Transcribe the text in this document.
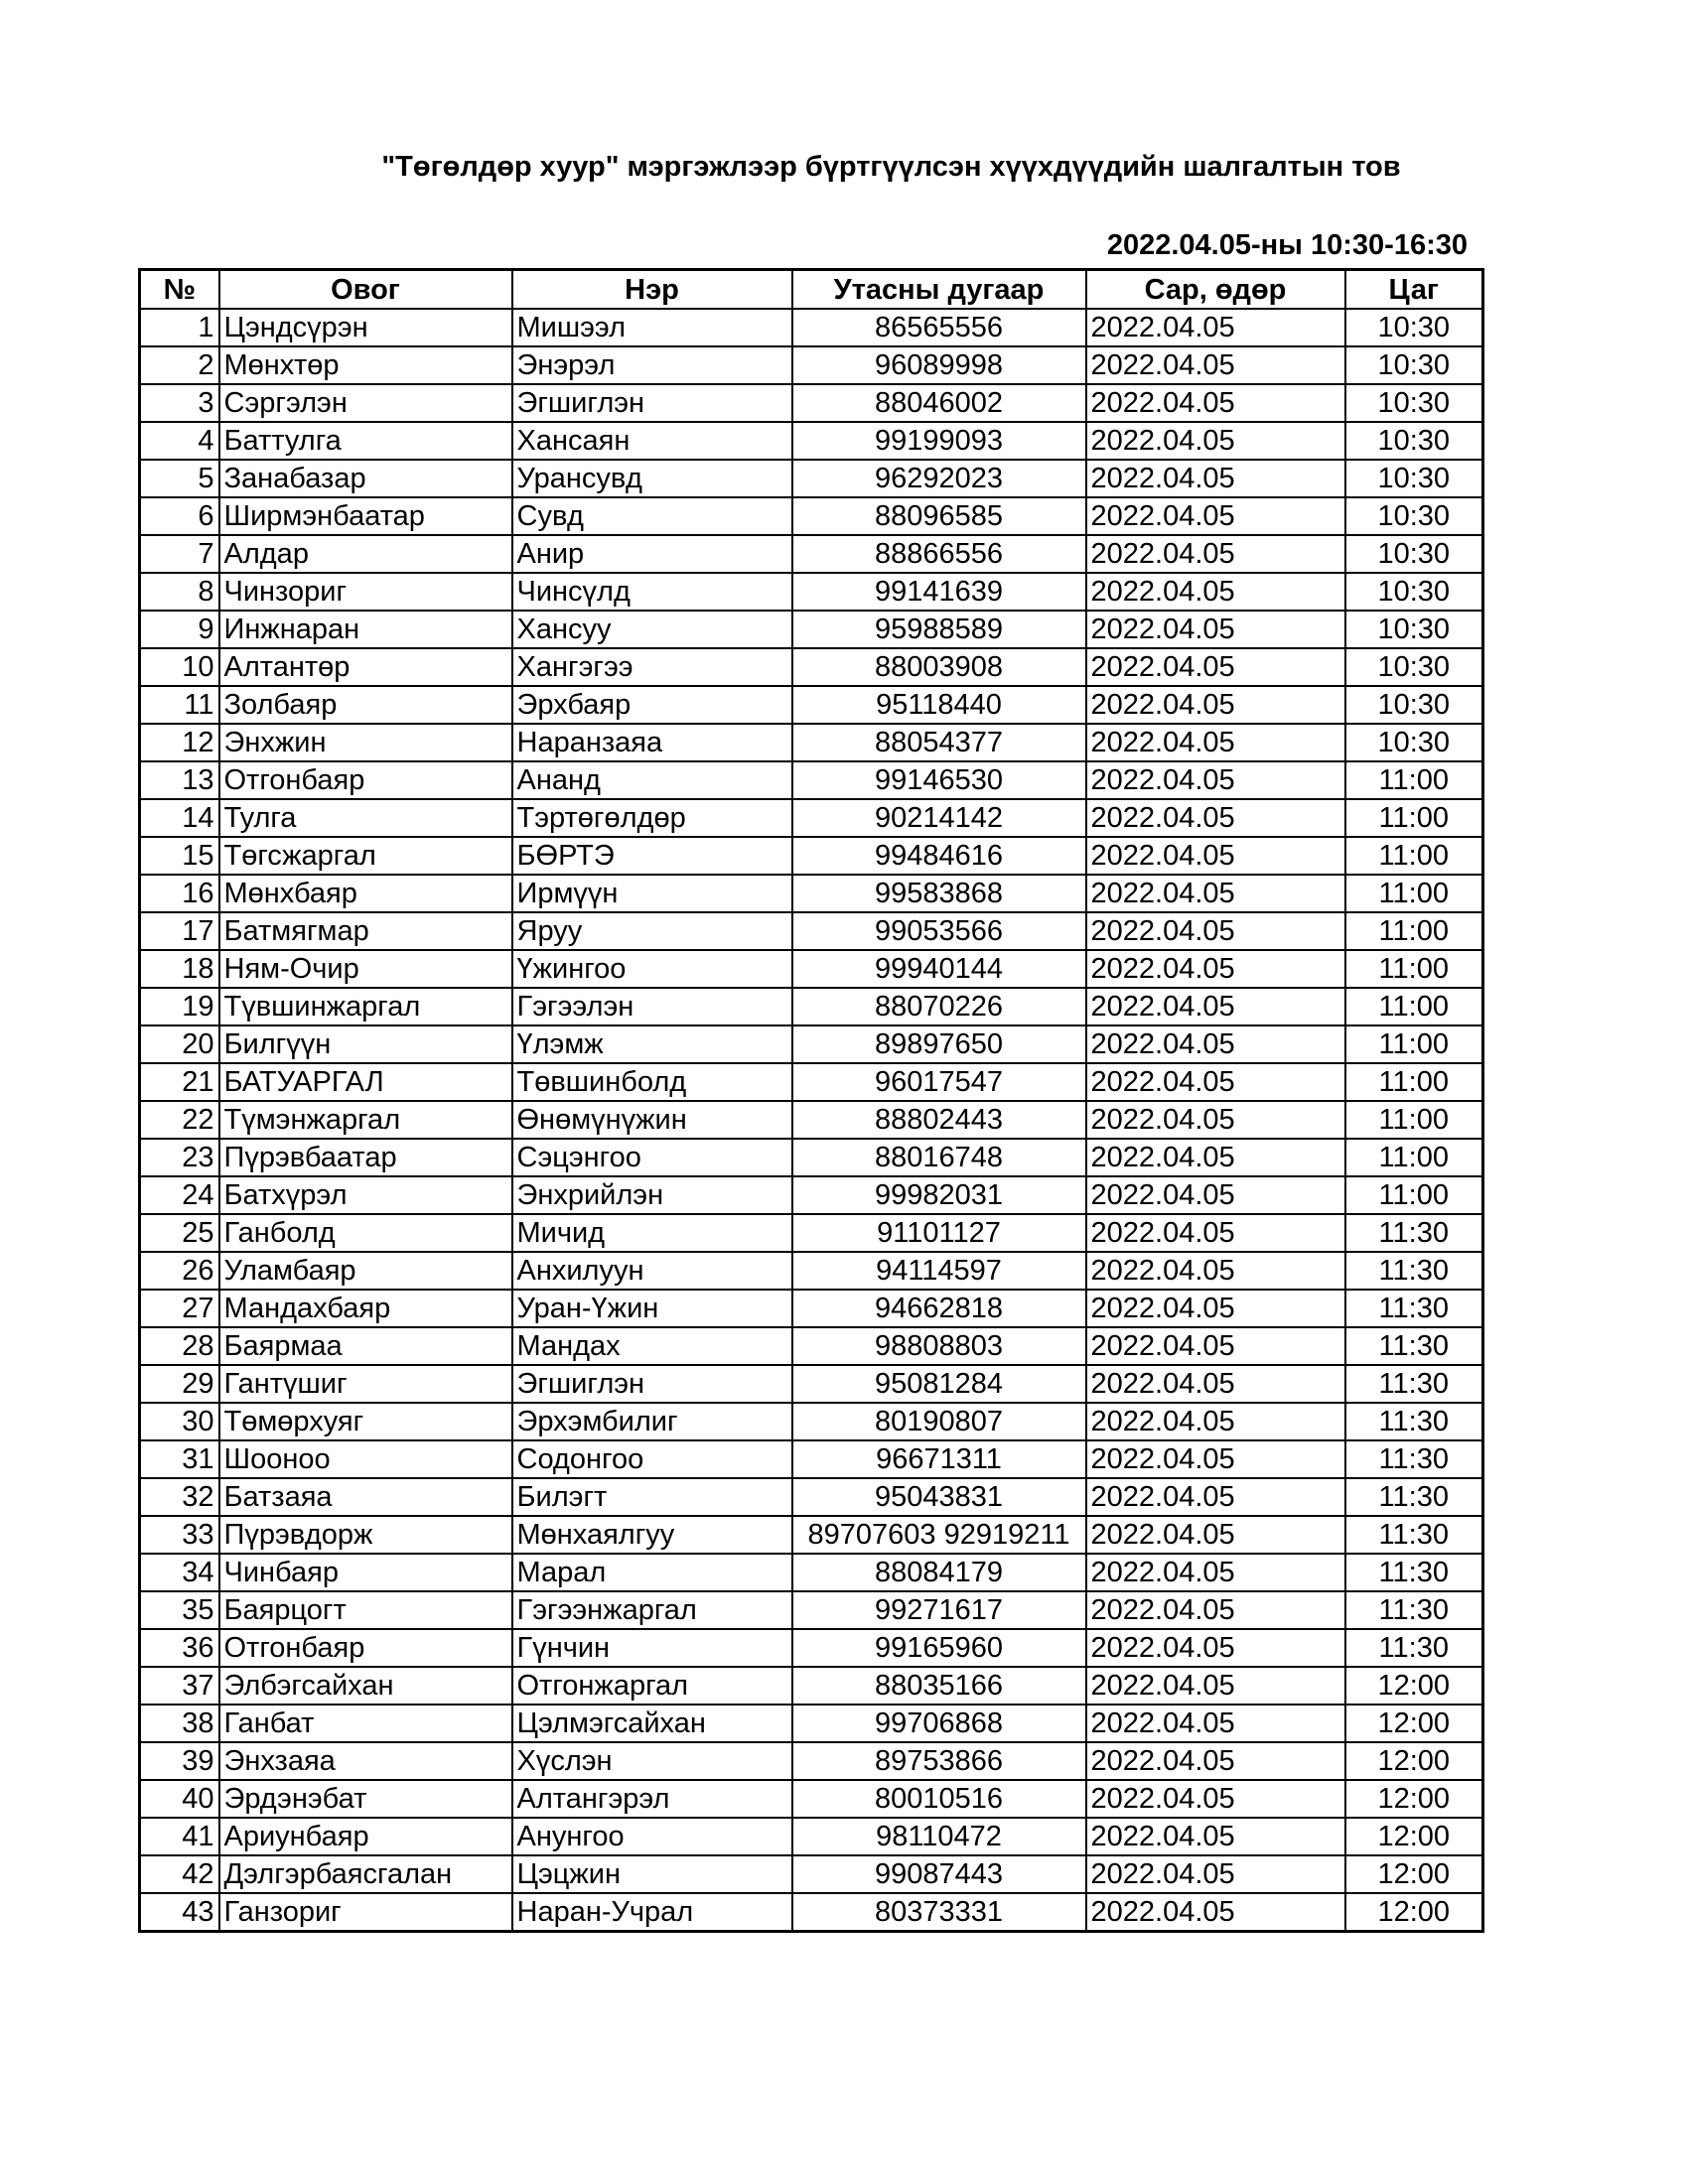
"Төгөлдөр хуур" мэргэжлээр бүртгүүлсэн хүүхдүүдийн шалгалтын тов
2022.04.05-ны 10:30-16:30
№	Овог	Нэр	Утасны дугаар	Сар, өдөр	Цаг
1	Цэндсүрэн	Мишээл	86565556	2022.04.05	10:30
2	Мөнхтөр	Энэрэл	96089998	2022.04.05	10:30
3	Сэргэлэн	Эгшиглэн	88046002	2022.04.05	10:30
4	Баттулга	Хансаян	99199093	2022.04.05	10:30
5	Занабазар	Урансувд	96292023	2022.04.05	10:30
6	Ширмэнбаатар	Сувд	88096585	2022.04.05	10:30
7	Алдар	Анир	88866556	2022.04.05	10:30
8	Чинзориг	Чинсүлд	99141639	2022.04.05	10:30
9	Инжнаран	Хансуу	95988589	2022.04.05	10:30
10	Алтантөр	Хангэгээ	88003908	2022.04.05	10:30
11	Золбаяр	Эрхбаяр	95118440	2022.04.05	10:30
12	Энхжин	Наранзаяа	88054377	2022.04.05	10:30
13	Отгонбаяр	Ананд	99146530	2022.04.05	11:00
14	Тулга	Тэртөгөлдөр	90214142	2022.04.05	11:00
15	Төгсжаргал	БӨРТЭ	99484616	2022.04.05	11:00
16	Мөнхбаяр	Ирмүүн	99583868	2022.04.05	11:00
17	Батмягмар	Яруу	99053566	2022.04.05	11:00
18	Ням-Очир	Үжингоо	99940144	2022.04.05	11:00
19	Түвшинжаргал	Гэгээлэн	88070226	2022.04.05	11:00
20	Билгүүн	Үлэмж	89897650	2022.04.05	11:00
21	БАТУАРГАЛ	Төвшинболд	96017547	2022.04.05	11:00
22	Түмэнжаргал	Өнөмүнүжин	88802443	2022.04.05	11:00
23	Пүрэвбаатар	Сэцэнгоо	88016748	2022.04.05	11:00
24	Батхүрэл	Энхрийлэн	99982031	2022.04.05	11:00
25	Ганболд	Мичид	91101127	2022.04.05	11:30
26	Уламбаяр	Анхилуун	94114597	2022.04.05	11:30
27	Мандахбаяр	Уран-Үжин	94662818	2022.04.05	11:30
28	Баярмаа	Мандах	98808803	2022.04.05	11:30
29	Гантүшиг	Эгшиглэн	95081284	2022.04.05	11:30
30	Төмөрхуяг	Эрхэмбилиг	80190807	2022.04.05	11:30
31	Шооноо	Содонгоо	96671311	2022.04.05	11:30
32	Батзаяа	Билэгт	95043831	2022.04.05	11:30
33	Пүрэвдорж	Мөнхаялгуу	89707603 92919211	2022.04.05	11:30
34	Чинбаяр	Марал	88084179	2022.04.05	11:30
35	Баярцогт	Гэгээнжаргал	99271617	2022.04.05	11:30
36	Отгонбаяр	Гүнчин	99165960	2022.04.05	11:30
37	Элбэгсайхан	Отгонжаргал	88035166	2022.04.05	12:00
38	Ганбат	Цэлмэгсайхан	99706868	2022.04.05	12:00
39	Энхзаяа	Хүслэн	89753866	2022.04.05	12:00
40	Эрдэнэбат	Алтангэрэл	80010516	2022.04.05	12:00
41	Ариунбаяр	Анунгоо	98110472	2022.04.05	12:00
42	Дэлгэрбаясгалан	Цэцжин	99087443	2022.04.05	12:00
43	Ганзориг	Наран-Учрал	80373331	2022.04.05	12:00
